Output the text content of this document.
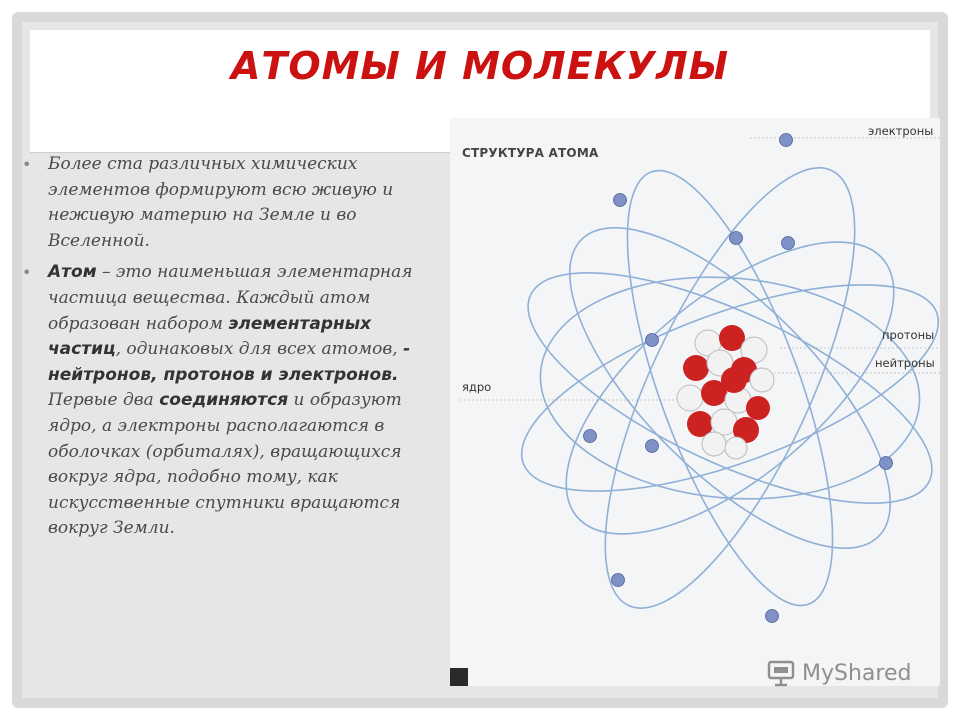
АТОМЫ И МОЛЕКУЛЫ
• Более ста различных химических элементов формируют всю живую и неживую материю на Земле и во Вселенной.
• Атом – это наименьшая элементарная частица вещества. Каждый атом образован набором элементарных частиц, одинаковых для всех атомов, - нейтронов, протонов и электронов. Первые два соединяются и образуют ядро, а электроны располагаются в оболочках (орбиталях), вращающихся вокруг ядра, подобно тому, как искусственные спутники вращаются вокруг Земли.
СТРУКТУРА АТОМА
электроны
протоны
нейтроны
ядро
MyShared
